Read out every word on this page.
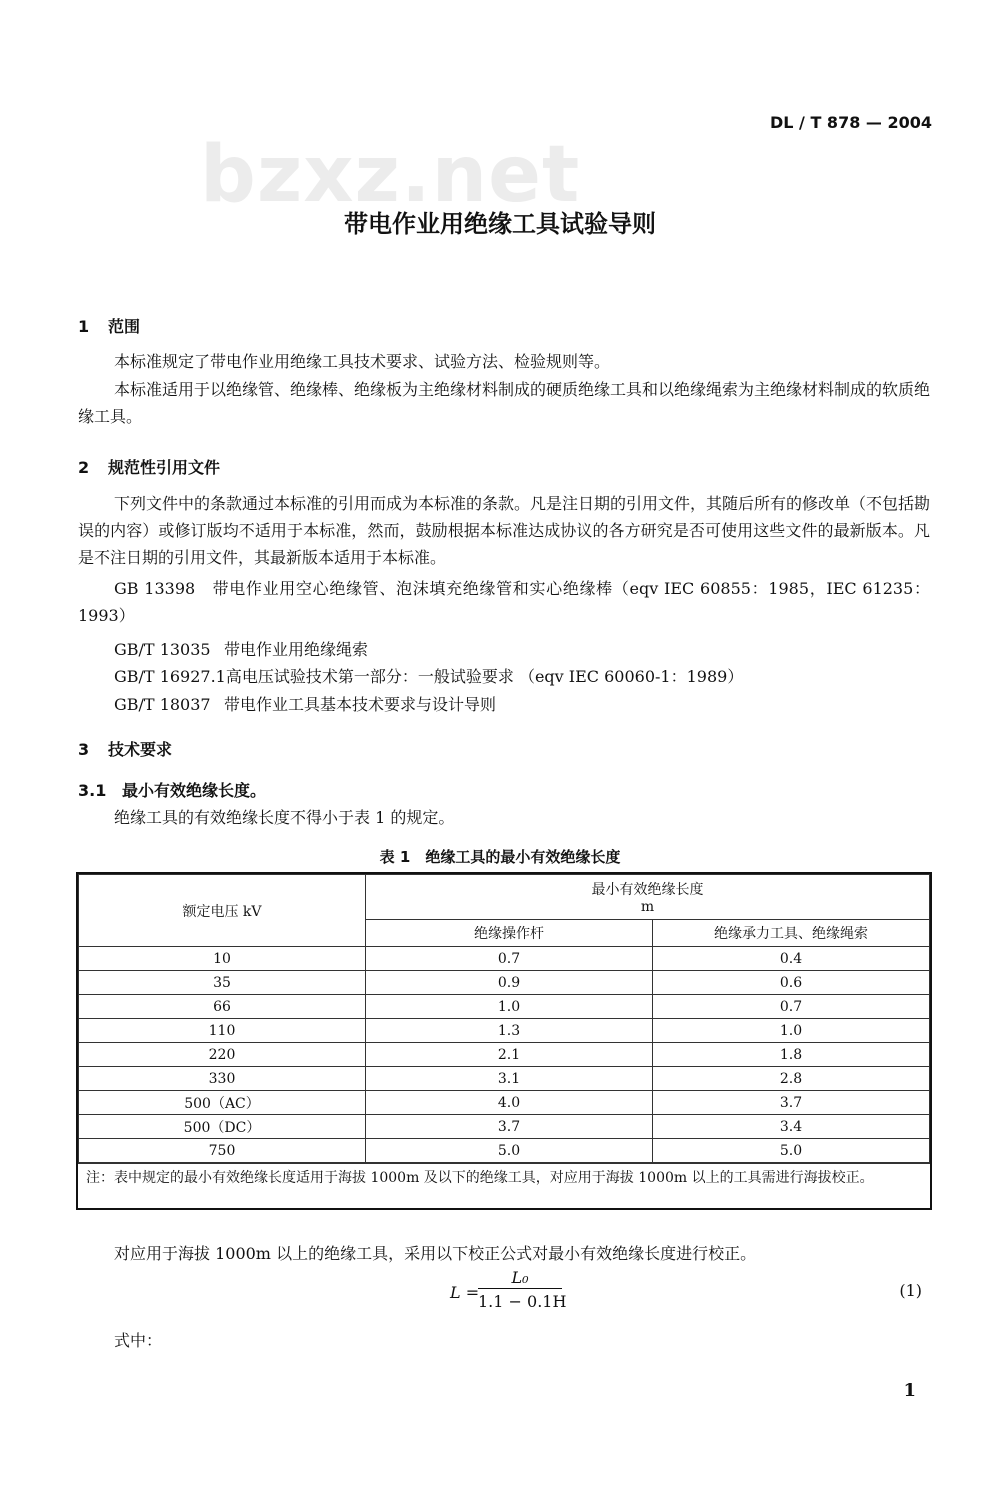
DL / T 878 — 2004
bzxz.net
带电作业用绝缘工具试验导则
1 范围
本标准规定了带电作业用绝缘工具技术要求、试验方法、检验规则等。
本标准适用于以绝缘管、绝缘棒、绝缘板为主绝缘材料制成的硬质绝缘工具和以绝缘绳索为主绝缘材料制成的软质绝缘工具。
2 规范性引用文件
下列文件中的条款通过本标准的引用而成为本标准的条款。凡是注日期的引用文件，其随后所有的修改单（不包括勘误的内容）或修订版均不适用于本标准，然而，鼓励根据本标准达成协议的各方研究是否可使用这些文件的最新版本。凡是不注日期的引用文件，其最新版本适用于本标准。
GB 13398　 带电作业用空心绝缘管、泡沫填充绝缘管和实心绝缘棒（eqv IEC 60855：1985，IEC 61235：1993）
GB/T 13035 带电作业用绝缘绳索
GB/T 16927.1高电压试验技术第一部分：一般试验要求 （eqv IEC 60060-1：1989）
GB/T 18037 带电作业工具基本技术要求与设计导则
3 技术要求
3.1 最小有效绝缘长度。
绝缘工具的有效绝缘长度不得小于表 1 的规定。
表 1　绝缘工具的最小有效绝缘长度
额定电压 kV	最小有效绝缘长度
m	

	绝缘操作杆	绝缘承力工具、绝缘绳索
10	0.7	0.4
35	0.9	0.6
66	1.0	0.7
110	1.3	1.0
220	2.1	1.8
330	3.1	2.8
500（AC）	4.0	3.7
500（DC）	3.7	3.4
750	5.0	5.0
注：表中规定的最小有效绝缘长度适用于海拔 1000m 及以下的绝缘工具，对应用于海拔 1000m 以上的工具需进行海拔校正。
对应用于海拔 1000m 以上的绝缘工具，采用以下校正公式对最小有效绝缘长度进行校正。
L =
$\frac{\text{L₀}}{1.1 - 0.1H}$	(1)
式中：
1
